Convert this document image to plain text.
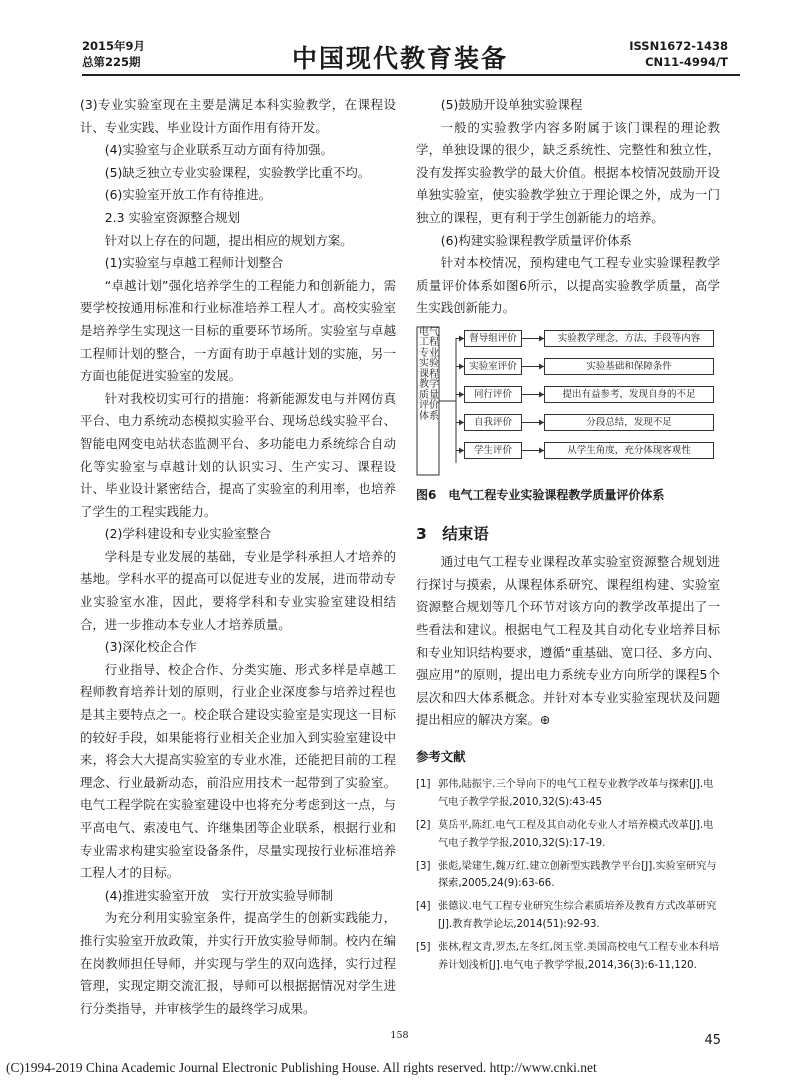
2015年9月
总第225期	中国现代教育装备	ISSN1672-1438
CN11-4994/T

(3)专业实验室现在主要是满足本科实验教学，在课程设计、专业实践、毕业设计方面作用有待开发。

(4)实验室与企业联系互动方面有待加强。

(5)缺乏独立专业实验课程，实验教学比重不均。

(6)实验室开放工作有待推进。

2.3 实验室资源整合规划

针对以上存在的问题，提出相应的规划方案。

(1)实验室与卓越工程师计划整合

“卓越计划”强化培养学生的工程能力和创新能力，需要学校按通用标准和行业标准培养工程人才。高校实验室是培养学生实现这一目标的重要环节场所。实验室与卓越工程师计划的整合，一方面有助于卓越计划的实施，另一方面也能促进实验室的发展。

针对我校切实可行的措施：将新能源发电与并网仿真平台、电力系统动态模拟实验平台、现场总线实验平台、智能电网变电站状态监测平台、多功能电力系统综合自动化等实验室与卓越计划的认识实习、生产实习、课程设计、毕业设计紧密结合，提高了实验室的利用率，也培养了学生的工程实践能力。

(2)学科建设和专业实验室整合

学科是专业发展的基础，专业是学科承担人才培养的基地。学科水平的提高可以促进专业的发展，进而带动专业实验室水准，因此，要将学科和专业实验室建设相结合，进一步推动本专业人才培养质量。

(3)深化校企合作

行业指导、校企合作、分类实施、形式多样是卓越工程师教育培养计划的原则，行业企业深度参与培养过程也是其主要特点之一。校企联合建设实验室是实现这一目标的较好手段，如果能将行业相关企业加入到实验室建设中来，将会大大提高实验室的专业水准，还能把目前的工程理念、行业最新动态，前沿应用技术一起带到了实验室。电气工程学院在实验室建设中也将充分考虑到这一点，与平高电气、索凌电气、许继集团等企业联系，根据行业和专业需求构建实验室设备条件，尽量实现按行业标准培养工程人才的目标。

(4)推进实验室开放　实行开放实验导师制

为充分利用实验室条件，提高学生的创新实践能力，推行实验室开放政策，并实行开放实验导师制。校内在编在岗教师担任导师，并实现与学生的双向选择，实行过程管理，实现定期交流汇报，导师可以根据据情况对学生进行分类指导，并审核学生的最终学习成果。

(5)鼓励开设单独实验课程

一般的实验教学内容多附属于该门课程的理论教学，单独设课的很少，缺乏系统性、完整性和独立性，没有发挥实验教学的最大价值。根据本校情况鼓励开设单独实验室，使实验教学独立于理论课之外，成为一门独立的课程，更有利于学生创新能力的培养。

(6)构建实验课程教学质量评价体系

针对本校情况，预构建电气工程专业实验课程教学质量评价体系如图6所示，以提高实验教学质量，高学生实践创新能力。

电气工程专业实验课程教学质量评价体系
督导组评价	实验教学理念、方法、手段等内容
实验室评价	实验基础和保障条件
同行评价	提出有益参考，发现自身的不足
自我评价	分段总结，发现不足
学生评价	从学生角度，充分体现客观性
图6　电气工程专业实验课程教学质量评价体系
3　结束语

通过电气工程专业课程改革实验室资源整合规划进行探讨与摸索，从课程体系研究、课程组构建、实验室资源整合规划等几个环节对该方向的教学改革提出了一些看法和建议。根据电气工程及其自动化专业培养目标和专业知识结构要求，遵循“重基础、宽口径、多方向、强应用”的原则，提出电力系统专业方向所学的课程5个层次和四大体系概念。并针对本专业实验室现状及问题提出相应的解决方案。⊕

参考文献
[1] 郭伟,陆振宇.三个导向下的电气工程专业教学改革与探索[J].电气电子教学学报,2010,32(S):43-45
[2] 莫岳平,陈红.电气工程及其自动化专业人才培养模式改革[J].电气电子教学学报,2010,32(S):17-19.
[3] 张彪,梁建生,魏万红.建立创新型实践教学平台[J].实验室研究与探索,2005,24(9):63-66.
[4] 张德议.电气工程专业研究生综合素质培养及教育方式改革研究[J].教育教学论坛,2014(51):92-93.
[5] 张林,程文青,罗杰,左冬红,闵玉堂.美国高校电气工程专业本科培养计划浅析[J].电气电子教学学报,2014,36(3):6-11,120.
158	45
(C)1994-2019 China Academic Journal Electronic Publishing House. All rights reserved. http://www.cnki.net
